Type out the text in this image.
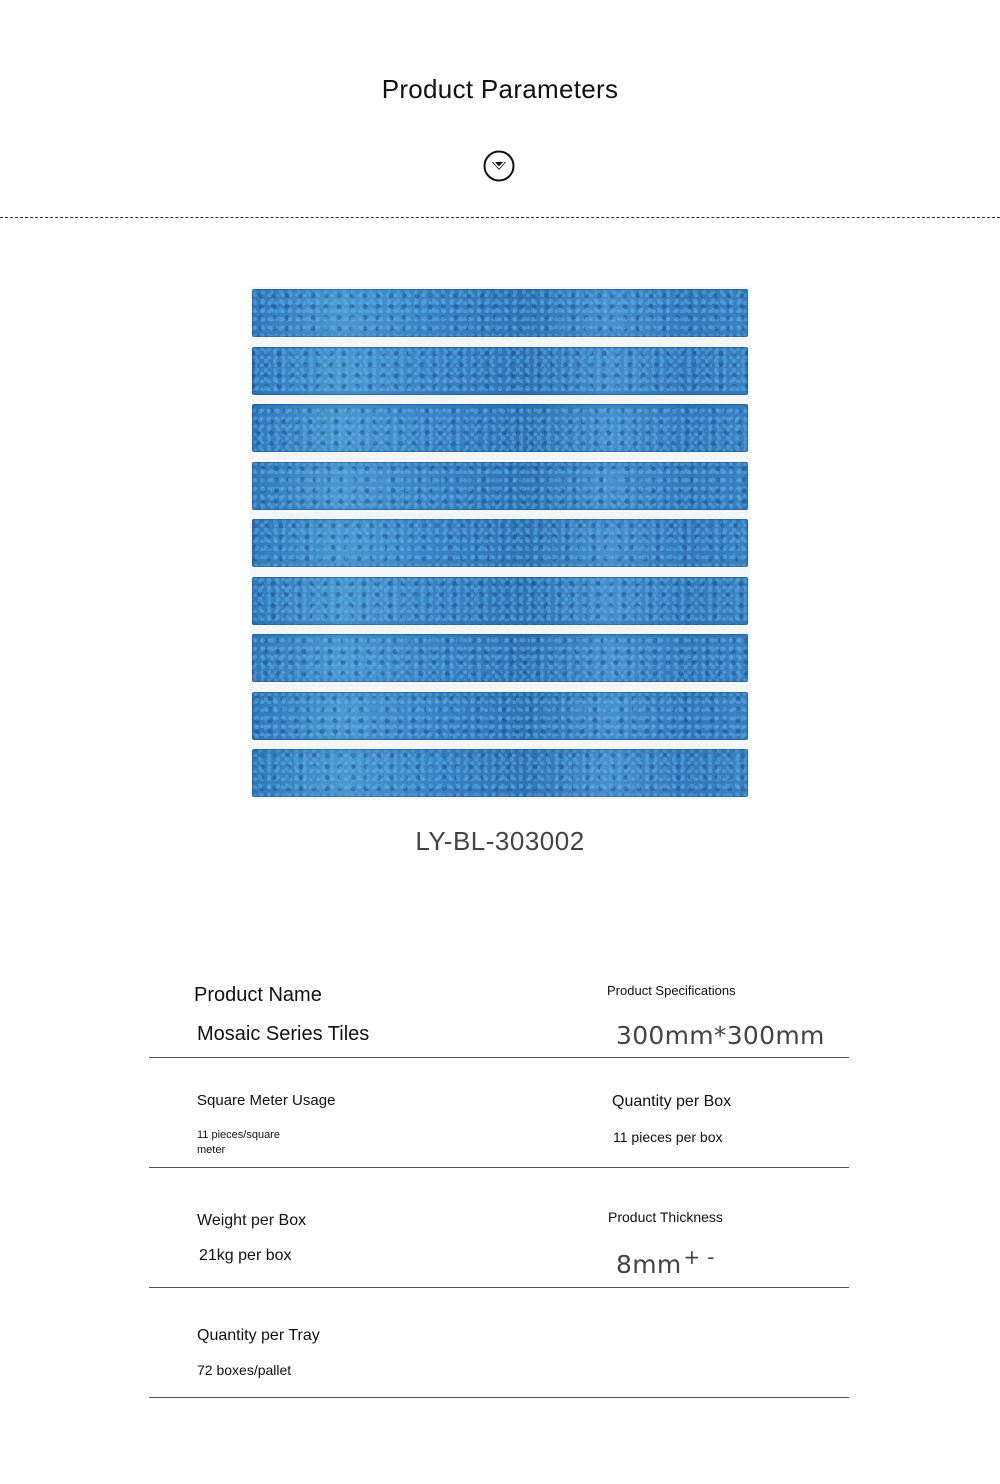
Product Parameters
LY-BL-303002
Product Name
Mosaic Series Tiles
Product Specifications
300mm*300mm
Square Meter Usage
11 pieces/square
meter
Quantity per Box
11 pieces per box
Weight per Box
21kg per box
Product Thickness
8mm + -
Quantity per Tray
72 boxes/pallet
